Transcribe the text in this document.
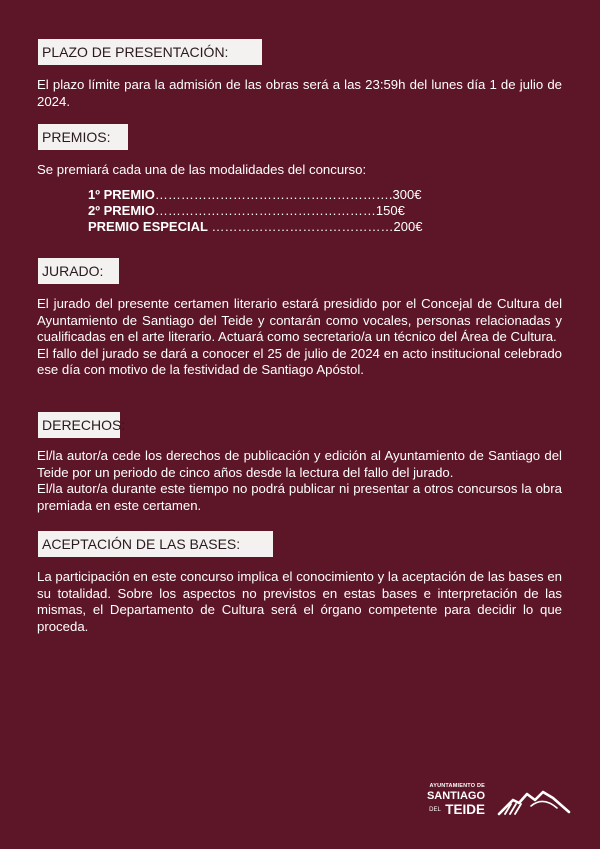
PLAZO DE PRESENTACIÓN:

El plazo límite para la admisión de las obras será a las 23:59h del lunes día 1 de julio de 2024.

PREMIOS:

Se premiará cada una de las modalidades del concurso:

1º PREMIO……………………………………………….300€
2º PREMIO……………………………………………150€
PREMIO ESPECIAL ……………………………………200€
JURADO:

El jurado del presente certamen literario estará presidido por el Concejal de Cultura del Ayuntamiento de Santiago del Teide y contarán como vocales, personas relacionadas y cualificadas en el arte literario. Actuará como secretario/a un técnico del Área de Cultura.

El fallo del jurado se dará a conocer el 25 de julio de 2024 en acto institucional celebrado ese día con motivo de la festividad de Santiago Apóstol.

DERECHOS:

El/la autor/a cede los derechos de publicación y edición al Ayuntamiento de Santiago del Teide por un periodo de cinco años desde la lectura del fallo del jurado.

El/la autor/a durante este tiempo no podrá publicar ni presentar a otros concursos la obra premiada en este certamen.

ACEPTACIÓN DE LAS BASES:

La participación en este concurso implica el conocimiento y la aceptación de las bases en su totalidad. Sobre los aspectos no previstos en estas bases e interpretación de las mismas, el Departamento de Cultura será el órgano competente para decidir lo que proceda.

AYUNTAMIENTO DE
SANTIAGO
DEL TEIDE
